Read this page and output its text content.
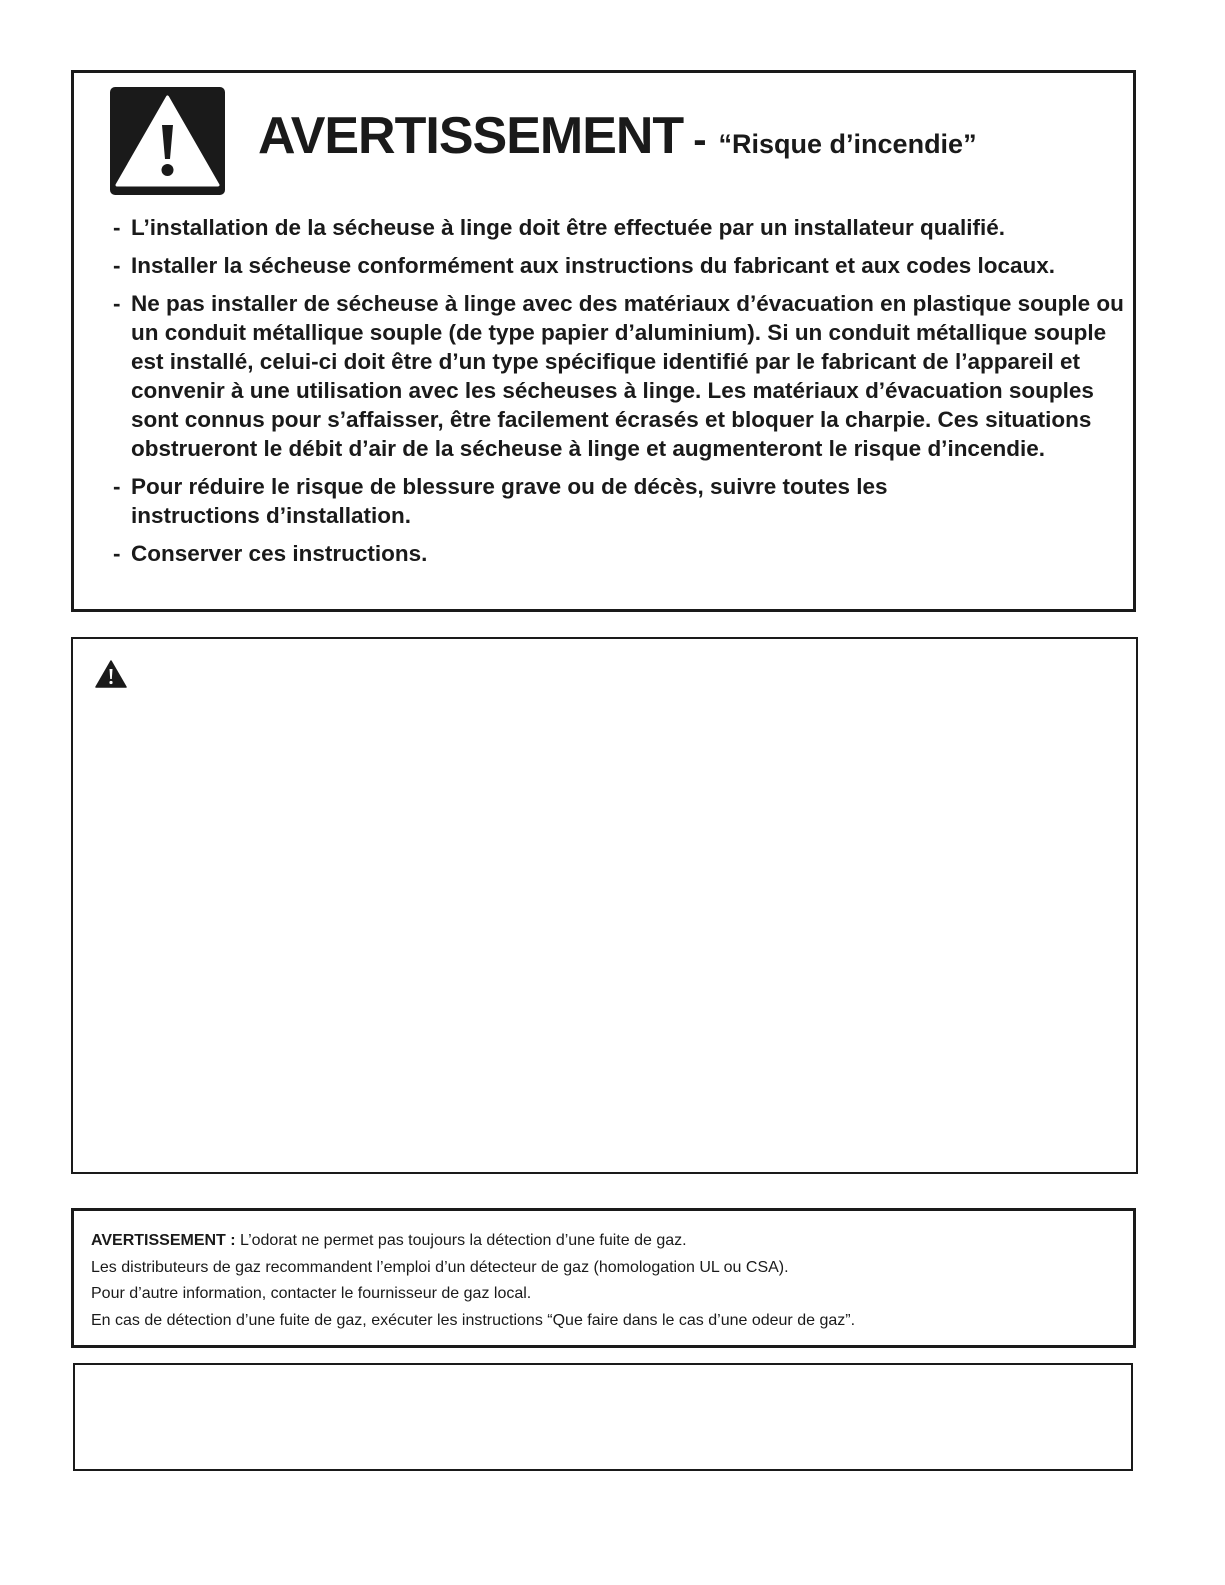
AVERTISSEMENT - “Risque d’incendie”
- L’installation de la sécheuse à linge doit être effectuée par un installateur qualifié.
- Installer la sécheuse conformément aux instructions du fabricant et aux codes locaux.
- Ne pas installer de sécheuse à linge avec des matériaux d’évacuation en plastique souple ou un conduit métallique souple (de type papier d’aluminium). Si un conduit métallique souple est installé, celui-ci doit être d’un type spécifique identifié par le fabricant de l’appareil et convenir à une utilisation avec les sécheuses à linge. Les matériaux d’évacuation souples sont connus pour s’affaisser, être facilement écrasés et bloquer la charpie. Ces situations obstrueront le débit d’air de la sécheuse à linge et augmenteront le risque d’incendie.
- Pour réduire le risque de blessure grave ou de décès, suivre toutes les instructions d’installation.
- Conserver ces instructions.
AVERTISSEMENT : L’odorat ne permet pas toujours la détection d’une fuite de gaz.
Les distributeurs de gaz recommandent l’emploi d’un détecteur de gaz (homologation UL ou CSA).
Pour d’autre information, contacter le fournisseur de gaz local.
En cas de détection d’une fuite de gaz, exécuter les instructions “Que faire dans le cas d’une odeur de gaz”.
